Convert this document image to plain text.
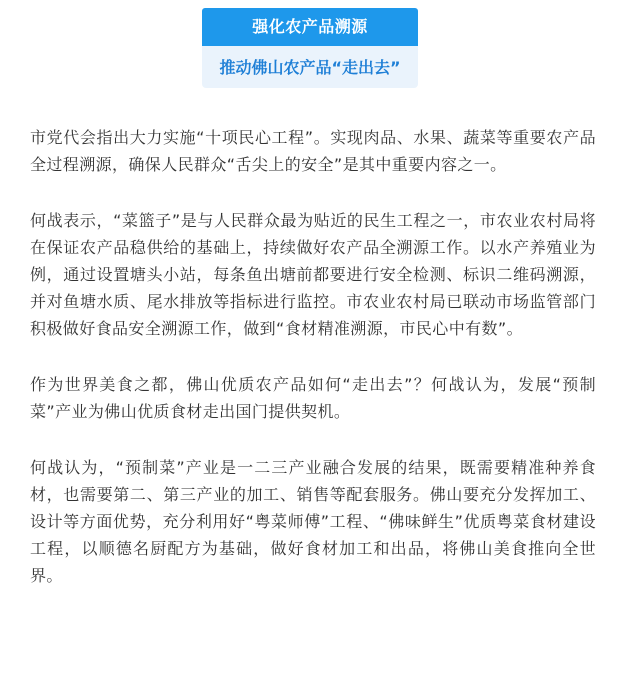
强化农产品溯源
推动佛山农产品“走出去”

市党代会指出大力实施“十项民心工程”。实现肉品、水果、蔬菜等重要农产品全过程溯源，确保人民群众“舌尖上的安全”是其中重要内容之一。

何战表示，“菜篮子”是与人民群众最为贴近的民生工程之一，市农业农村局将在保证农产品稳供给的基础上，持续做好农产品全溯源工作。以水产养殖业为例，通过设置塘头小站，每条鱼出塘前都要进行安全检测、标识二维码溯源，并对鱼塘水质、尾水排放等指标进行监控。市农业农村局已联动市场监管部门积极做好食品安全溯源工作，做到“食材精准溯源，市民心中有数”。

作为世界美食之都，佛山优质农产品如何“走出去”？何战认为，发展“预制菜”产业为佛山优质食材走出国门提供契机。

何战认为，“预制菜”产业是一二三产业融合发展的结果，既需要精准种养食材，也需要第二、第三产业的加工、销售等配套服务。佛山要充分发挥加工、设计等方面优势，充分利用好“粤菜师傅”工程、“佛味鲜生”优质粤菜食材建设工程，以顺德名厨配方为基础，做好食材加工和出品，将佛山美食推向全世界。
